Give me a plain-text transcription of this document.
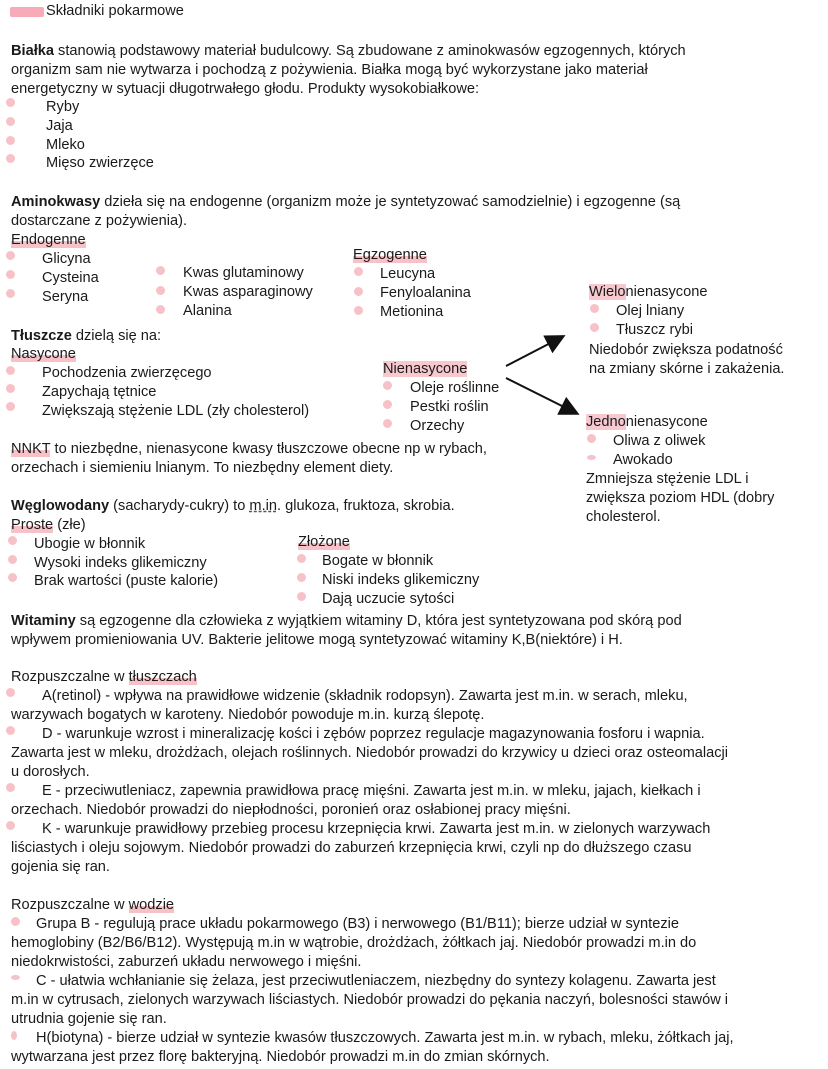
Składniki pokarmowe
Białka stanowią podstawowy materiał budulcowy. Są zbudowane z aminokwasów egzogennych, których
organizm sam nie wytwarza i pochodzą z pożywienia. Białka mogą być wykorzystane jako materiał
energetyczny w sytuacji długotrwałego głodu. Produkty wysokobiałkowe:
Ryby
Jaja
Mleko
Mięso zwierzęce
Aminokwasy dzieła się na endogenne (organizm może je syntetyzować samodzielnie) i egzogenne (są
dostarczane z pożywienia).
Endogenne
Glicyna
Cysteina
Seryna
Kwas glutaminowy
Kwas asparaginowy
Alanina
Egzogenne
Leucyna
Fenyloalanina
Metionina
Tłuszcze dzielą się na:
Nasycone
Pochodzenia zwierzęcego
Zapychają tętnice
Zwiększają stężenie LDL (zły cholesterol)
Nienasycone
Oleje roślinne
Pestki roślin
Orzechy
Wielonienasycone
Olej lniany
Tłuszcz rybi
Niedobór zwiększa podatność
na zmiany skórne i zakażenia.
Jednonienasycone
Oliwa z oliwek
Awokado
Zmniejsza stężenie LDL i
zwiększa poziom HDL (dobry
cholesterol.
NNKT to niezbędne, nienasycone kwasy tłuszczowe obecne np w rybach,
orzechach i siemieniu lnianym. To niezbędny element diety.
Węglowodany (sacharydy-cukry) to m.in. glukoza, fruktoza, skrobia.
Proste (złe)
Ubogie w błonnik
Wysoki indeks glikemiczny
Brak wartości (puste kalorie)
Złożone
Bogate w błonnik
Niski indeks glikemiczny
Dają uczucie sytości
Witaminy są egzogenne dla człowieka z wyjątkiem witaminy D, która jest syntetyzowana pod skórą pod
wpływem promieniowania UV. Bakterie jelitowe mogą syntetyzować witaminy K,B(niektóre) i H.
Rozpuszczalne w tłuszczach
A(retinol) - wpływa na prawidłowe widzenie (składnik rodopsyn). Zawarta jest m.in. w serach, mleku,
warzywach bogatych w karoteny. Niedobór powoduje m.in. kurzą ślepotę.
D - warunkuje wzrost i mineralizację kości i zębów poprzez regulacje magazynowania fosforu i wapnia.
Zawarta jest w mleku, drożdżach, olejach roślinnych. Niedobór prowadzi do krzywicy u dzieci oraz osteomalacji
u dorosłych.
E - przeciwutleniacz, zapewnia prawidłowa pracę mięśni. Zawarta jest m.in. w mleku, jajach, kiełkach i
orzechach. Niedobór prowadzi do niepłodności, poronień oraz osłabionej pracy mięśni.
K - warunkuje prawidłowy przebieg procesu krzepnięcia krwi. Zawarta jest m.in. w zielonych warzywach
liściastych i oleju sojowym. Niedobór prowadzi do zaburzeń krzepnięcia krwi, czyli np do dłuższego czasu
gojenia się ran.
Rozpuszczalne w wodzie
Grupa B - regulują prace układu pokarmowego (B3) i nerwowego (B1/B11); bierze udział w syntezie
hemoglobiny (B2/B6/B12). Występują m.in w wątrobie, drożdżach, żółtkach jaj. Niedobór prowadzi m.in do
niedokrwistości, zaburzeń układu nerwowego i mięśni.
C - ułatwia wchłanianie się żelaza, jest przeciwutleniaczem, niezbędny do syntezy kolagenu. Zawarta jest
m.in w cytrusach, zielonych warzywach liściastych. Niedobór prowadzi do pękania naczyń, bolesności stawów i
utrudnia gojenie się ran.
H(biotyna) - bierze udział w syntezie kwasów tłuszczowych. Zawarta jest m.in. w rybach, mleku, żółtkach jaj,
wytwarzana jest przez florę bakteryjną. Niedobór prowadzi m.in do zmian skórnych.
